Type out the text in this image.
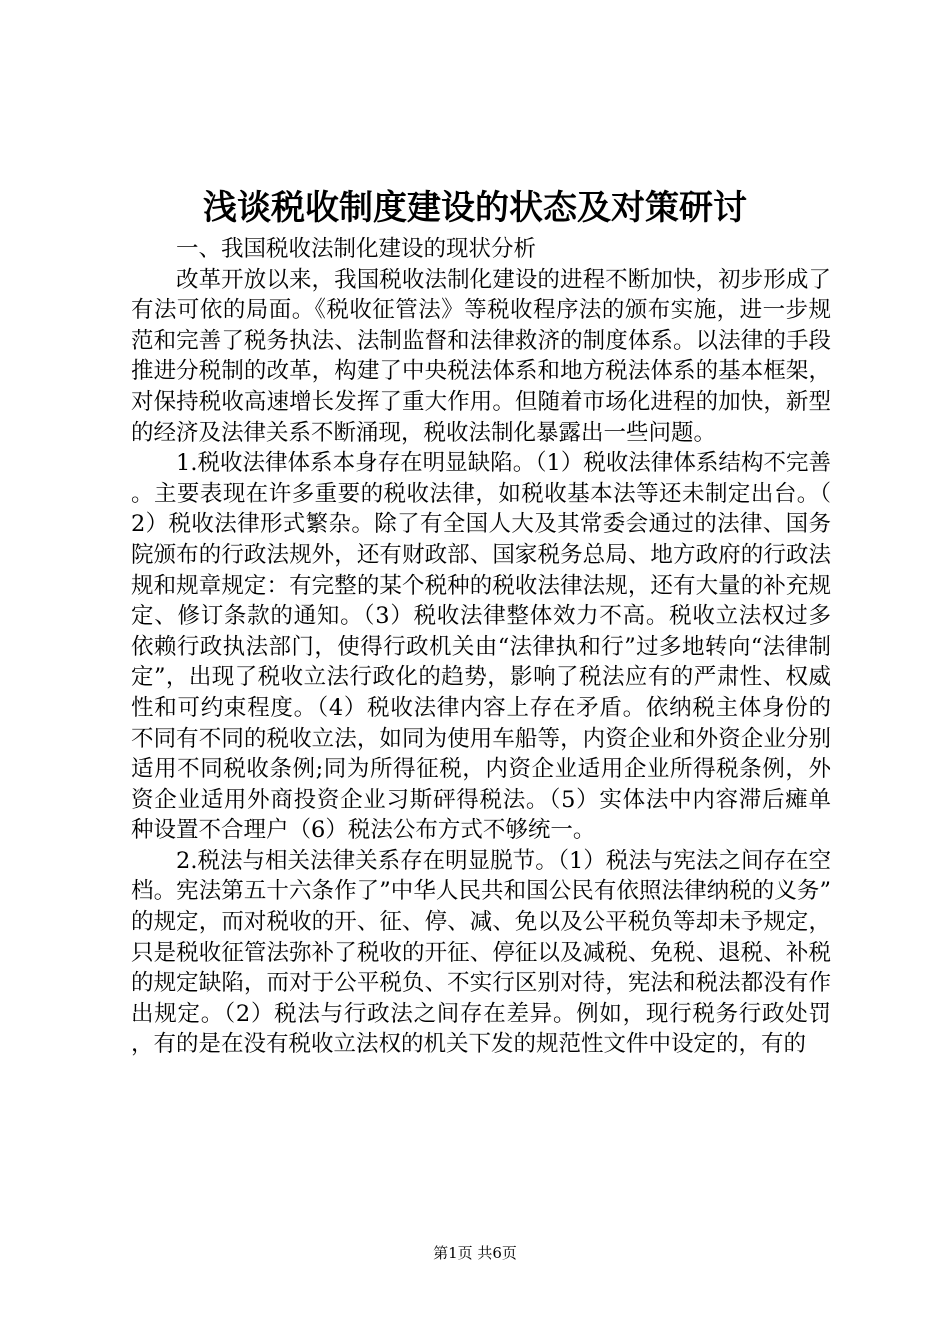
浅谈税收制度建设的状态及对策研讨

一、我国税收法制化建设的现状分析

改革开放以来，我国税收法制化建设的进程不断加快，初步形成了有法可依的局面。《税收征管法》等税收程序法的颁布实施，进一步规范和完善了税务执法、法制监督和法律救济的制度体系。以法律的手段推进分税制的改革，构建了中央税法体系和地方税法体系的基本框架，对保持税收高速增长发挥了重大作用。但随着市场化进程的加快，新型的经济及法律关系不断涌现，税收法制化暴露出一些问题。

1.税收法律体系本身存在明显缺陷。（1）税收法律体系结构不完善。主要表现在许多重要的税收法律，如税收基本法等还未制定出台。（2）税收法律形式繁杂。除了有全国人大及其常委会通过的法律、国务院颁布的行政法规外，还有财政部、国家税务总局、地方政府的行政法规和规章规定：有完整的某个税种的税收法律法规，还有大量的补充规定、修订条款的通知。（3）税收法律整体效力不高。税收立法权过多依赖行政执法部门，使得行政机关由“法律执和行”过多地转向“法律制定”，出现了税收立法行政化的趋势，影响了税法应有的严肃性、权威性和可约束程度。（4）税收法律内容上存在矛盾。依纳税主体身份的不同有不同的税收立法，如同为使用车船等，内资企业和外资企业分别适用不同税收条例;同为所得征税，内资企业适用企业所得税条例，外资企业适用外商投资企业习斯砰得税法。（5）实体法中内容滞后瘫单种设置不合理户（6）税法公布方式不够统一。

2.税法与相关法律关系存在明显脱节。（1）税法与宪法之间存在空档。宪法第五十六条作了”中华人民共和国公民有依照法律纳税的义务”的规定，而对税收的开、征、停、减、免以及公平税负等却未予规定，只是税收征管法弥补了税收的开征、停征以及减税、免税、退税、补税的规定缺陷，而对于公平税负、不实行区别对待，宪法和税法都没有作出规定。（2）税法与行政法之间存在差异。例如，现行税务行政处罚，有的是在没有税收立法权的机关下发的规范性文件中设定的，有的

第1页 共6页
